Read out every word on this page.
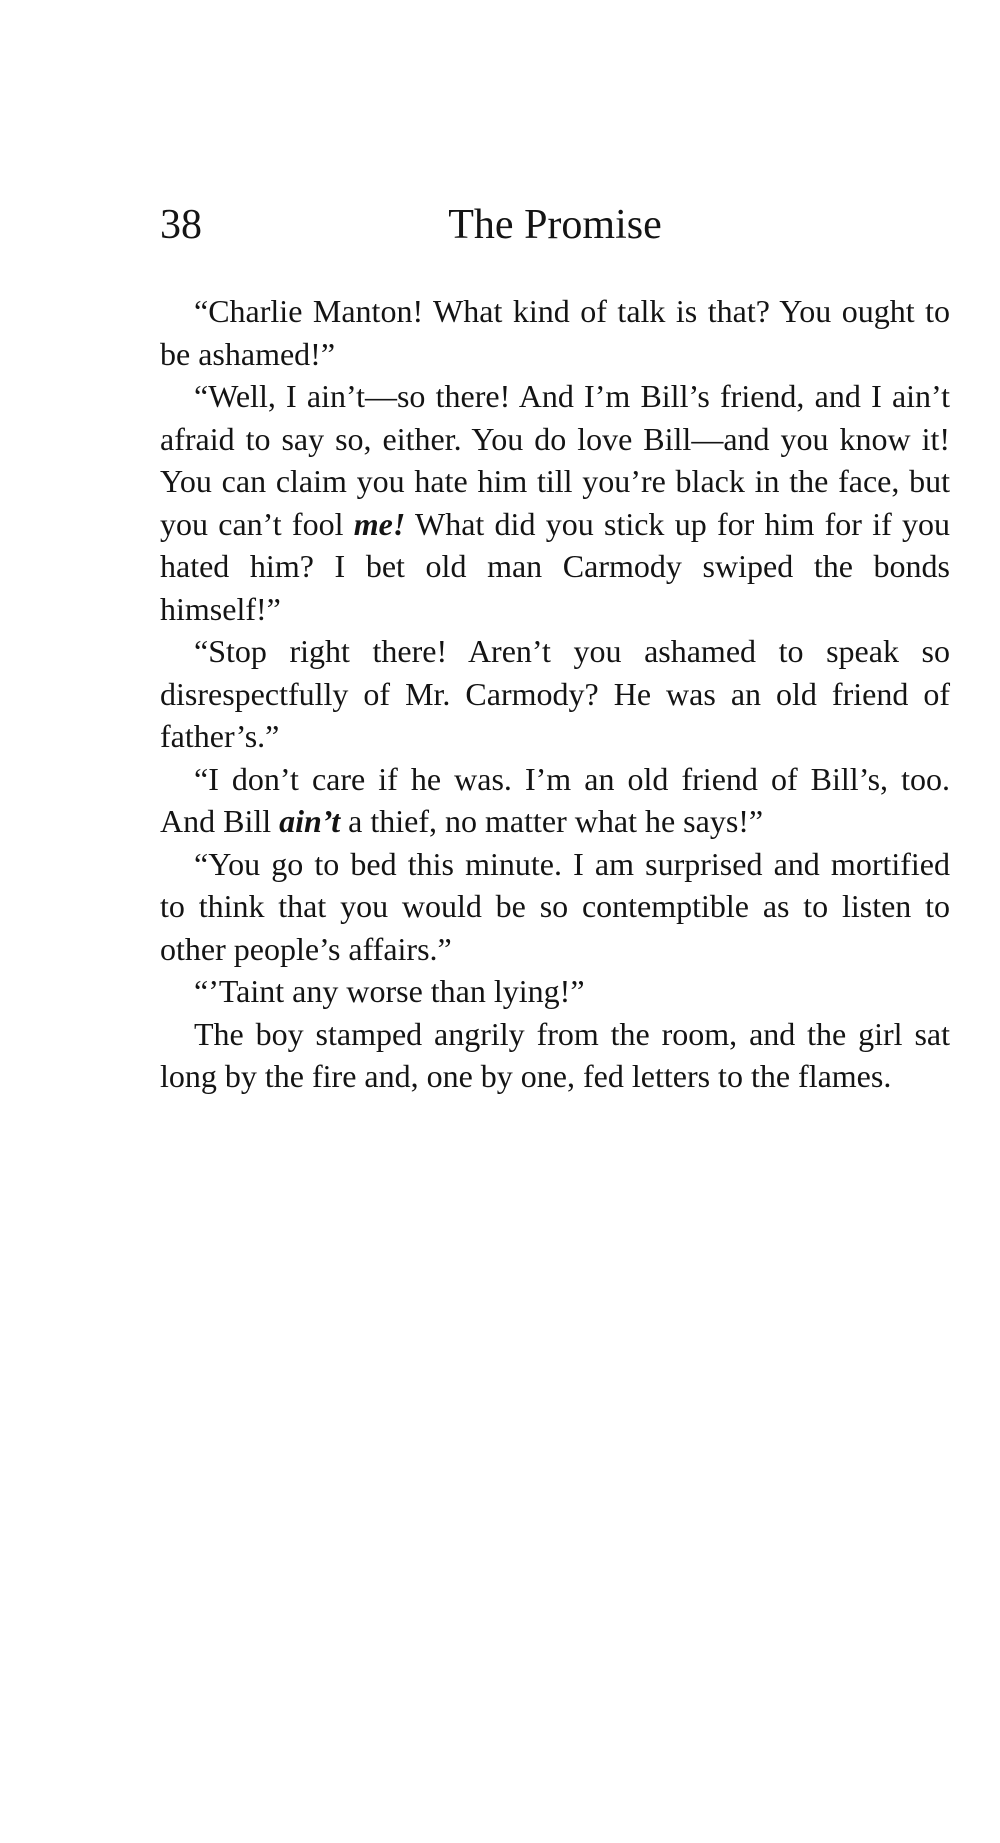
38	The Promise

“Charlie Manton! What kind of talk is that? You ought to be ashamed!”

“Well, I ain’t—so there! And I’m Bill’s friend, and I ain’t afraid to say so, either. You do love Bill—and you know it! You can claim you hate him till you’re black in the face, but you can’t fool me! What did you stick up for him for if you hated him? I bet old man Carmody swiped the bonds himself!”

“Stop right there! Aren’t you ashamed to speak so disrespectfully of Mr. Carmody? He was an old friend of father’s.”

“I don’t care if he was. I’m an old friend of Bill’s, too. And Bill ain’t a thief, no matter what he says!”

“You go to bed this minute. I am surprised and mortified to think that you would be so contemptible as to listen to other people’s affairs.”

“’Taint any worse than lying!”

The boy stamped angrily from the room, and the girl sat long by the fire and, one by one, fed letters to the flames.
